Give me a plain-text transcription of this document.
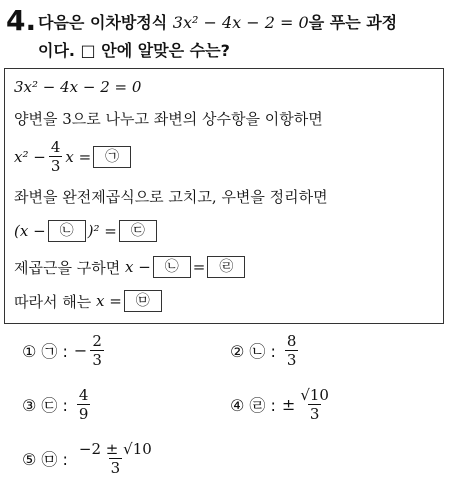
4. 다음은 이차방정식 3x² − 4x − 2 = 0을 푸는 과정
이다. □ 안에 알맞은 수는?
3x² − 4x − 2 = 0
양변을 3으로 나누고 좌변의 상수항을 이항하면
$x^2 - \frac{4}{3}$ x =	㉠
좌변을 완전제곱식으로 고치고, 우변을 정리하면
(x −	㉡ )² =	㉢
제곱근을 구하면
x −	㉡ =	㉣
따라서 해는
x =	㉤
① ㉠ : − $\frac{2}{3}$	② ㉡ : $\frac{8}{3}$
③ ㉢ : $\frac{4}{9}$	④ ㉣ : ± $\frac{√10}{3}$
⑤ ㉤ : $\frac{-2 \pm √10}{3}$
